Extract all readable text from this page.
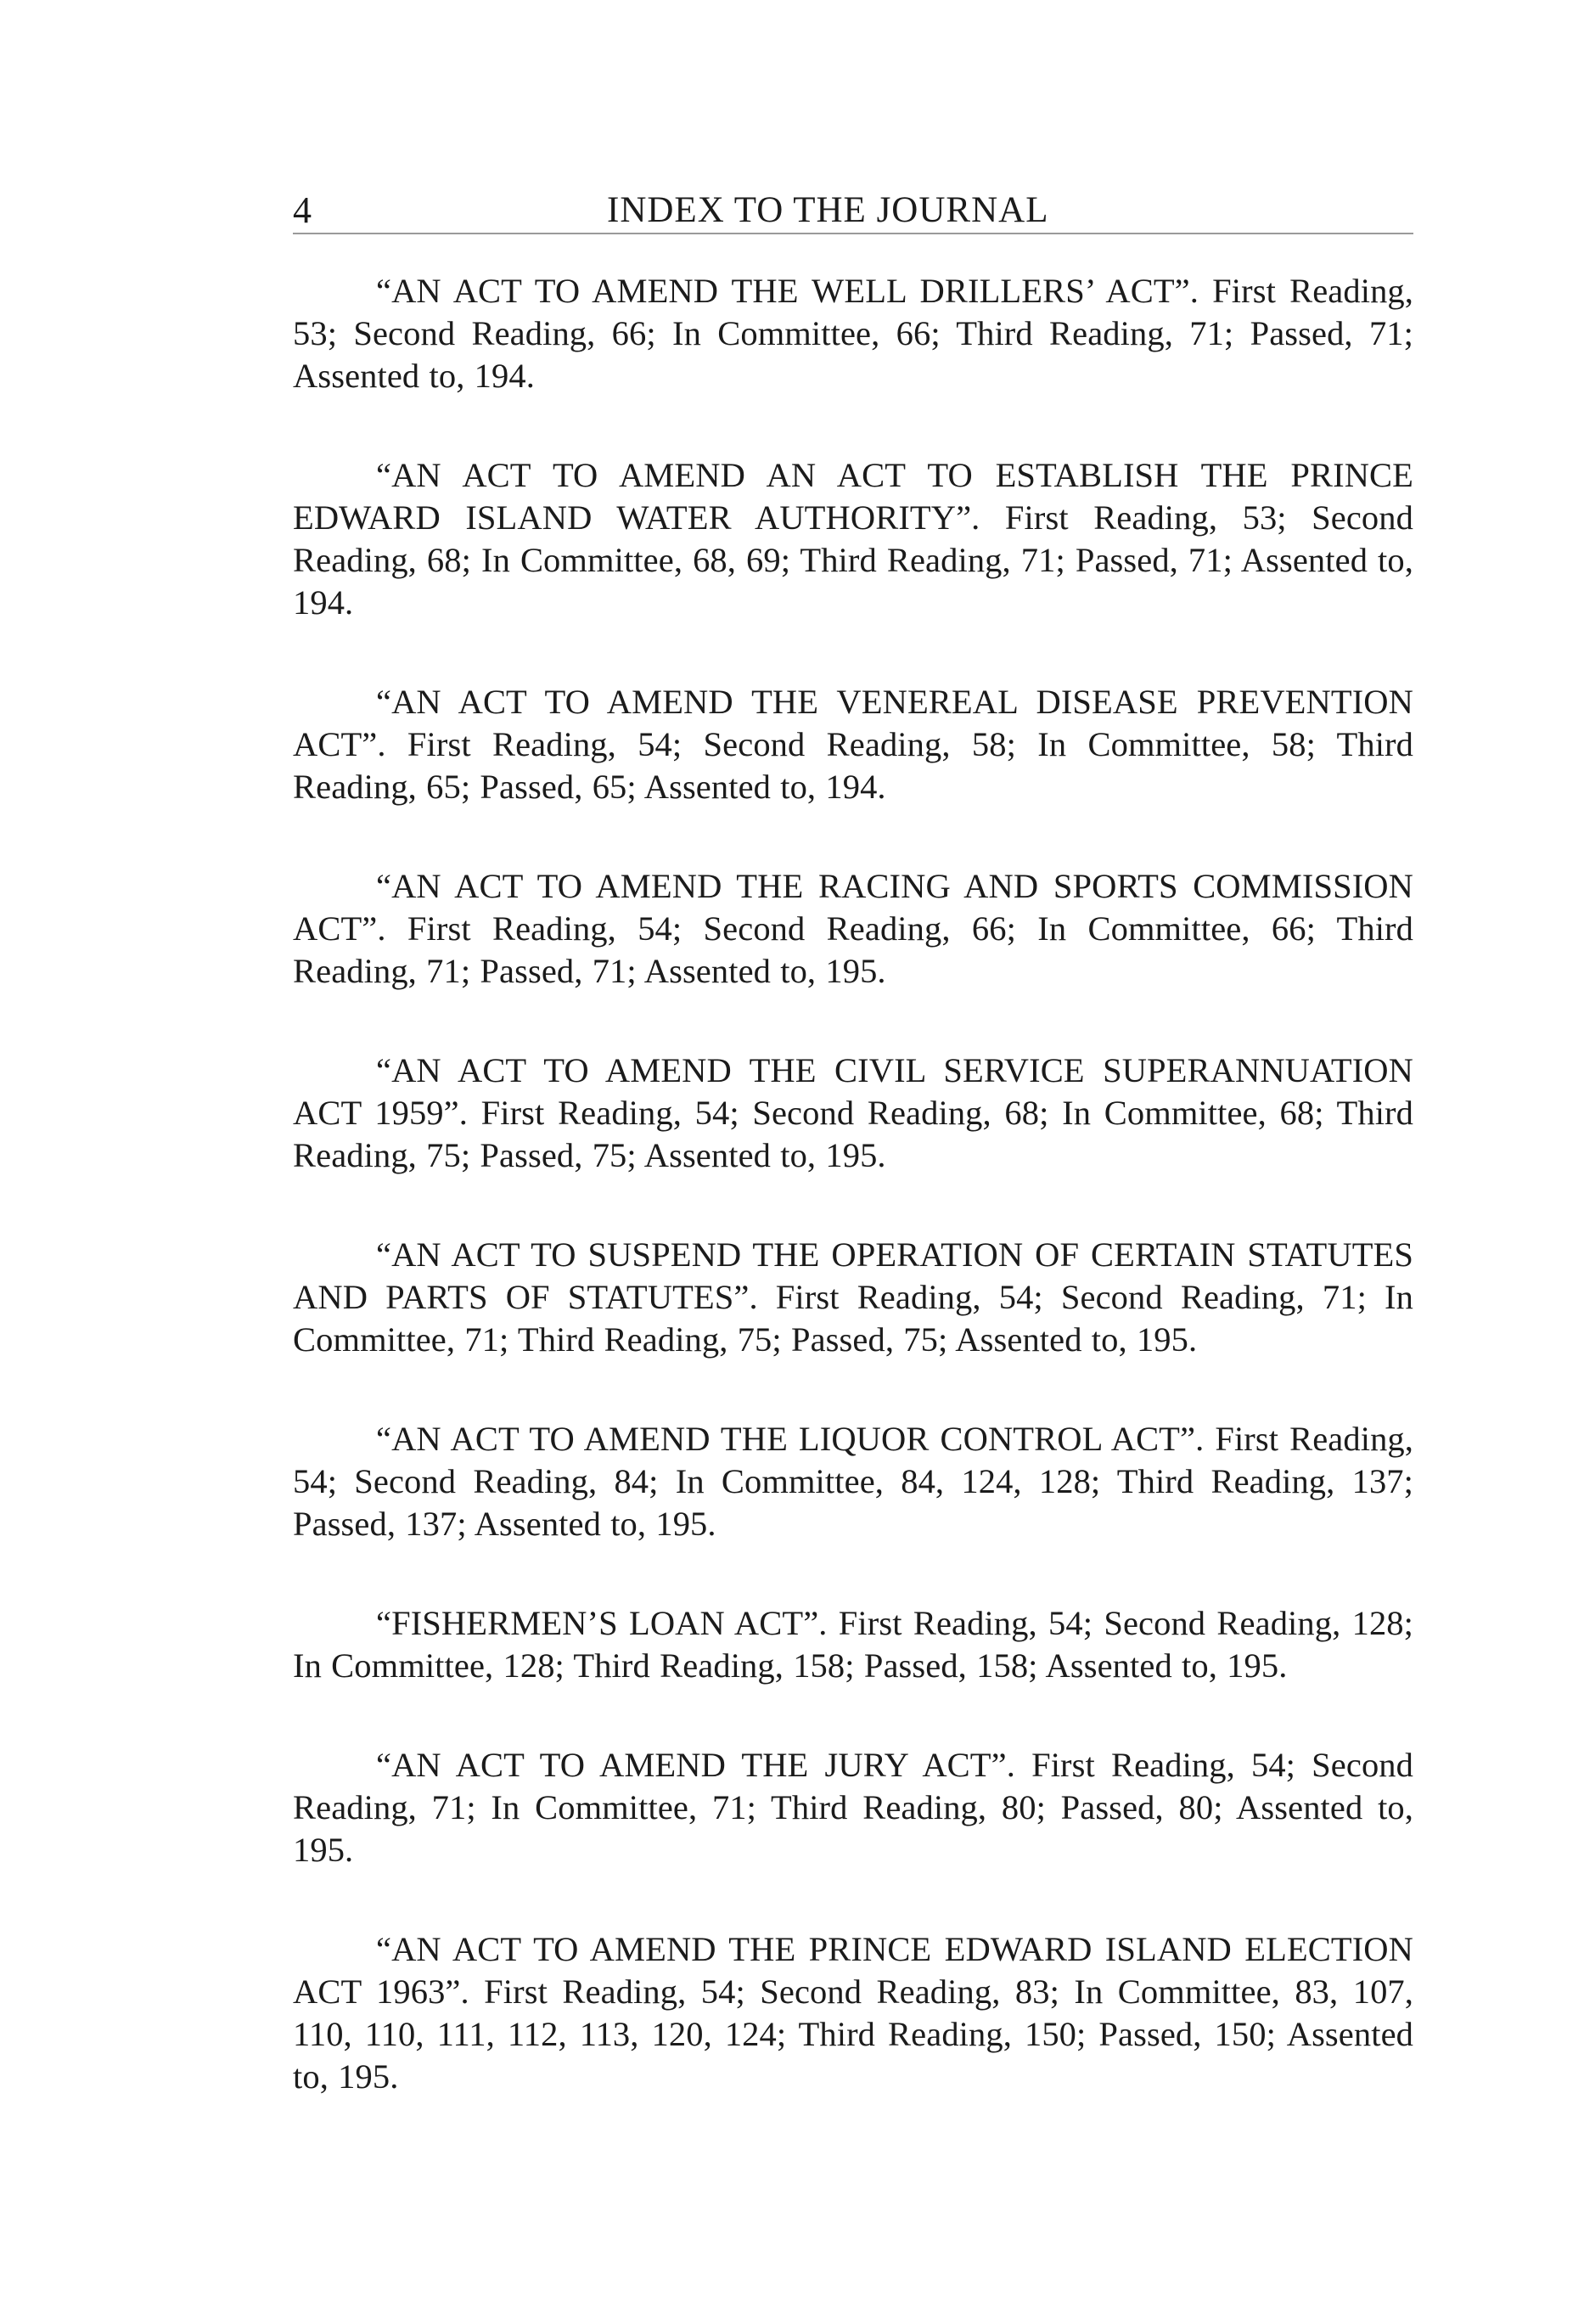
4	INDEX TO THE JOURNAL

“AN ACT TO AMEND THE WELL DRILLERS’ ACT”. First Reading, 53; Second Reading, 66; In Committee, 66; Third Reading, 71; Passed, 71; Assented to, 194.

“AN ACT TO AMEND AN ACT TO ESTABLISH THE PRINCE EDWARD ISLAND WATER AUTHORITY”. First Reading, 53; Second Reading, 68; In Committee, 68, 69; Third Reading, 71; Passed, 71; Assented to, 194.

“AN ACT TO AMEND THE VENEREAL DISEASE PREVENTION ACT”. First Reading, 54; Second Reading, 58; In Committee, 58; Third Reading, 65; Passed, 65; Assented to, 194.

“AN ACT TO AMEND THE RACING AND SPORTS COMMISSION ACT”. First Reading, 54; Second Reading, 66; In Committee, 66; Third Reading, 71; Passed, 71; Assented to, 195.

“AN ACT TO AMEND THE CIVIL SERVICE SUPERANNUATION ACT 1959”. First Reading, 54; Second Reading, 68; In Committee, 68; Third Reading, 75; Passed, 75; Assented to, 195.

“AN ACT TO SUSPEND THE OPERATION OF CERTAIN STATUTES AND PARTS OF STATUTES”. First Reading, 54; Second Reading, 71; In Committee, 71; Third Reading, 75; Passed, 75; Assented to, 195.

“AN ACT TO AMEND THE LIQUOR CONTROL ACT”. First Reading, 54; Second Reading, 84; In Committee, 84, 124, 128; Third Reading, 137; Passed, 137; Assented to, 195.

“FISHERMEN’S LOAN ACT”. First Reading, 54; Second Reading, 128; In Committee, 128; Third Reading, 158; Passed, 158; Assented to, 195.

“AN ACT TO AMEND THE JURY ACT”. First Reading, 54; Second Reading, 71; In Committee, 71; Third Reading, 80; Passed, 80; Assented to, 195.

“AN ACT TO AMEND THE PRINCE EDWARD ISLAND ELECTION ACT 1963”. First Reading, 54; Second Reading, 83; In Committee, 83, 107, 110, 110, 111, 112, 113, 120, 124; Third Reading, 150; Passed, 150; Assented to, 195.
